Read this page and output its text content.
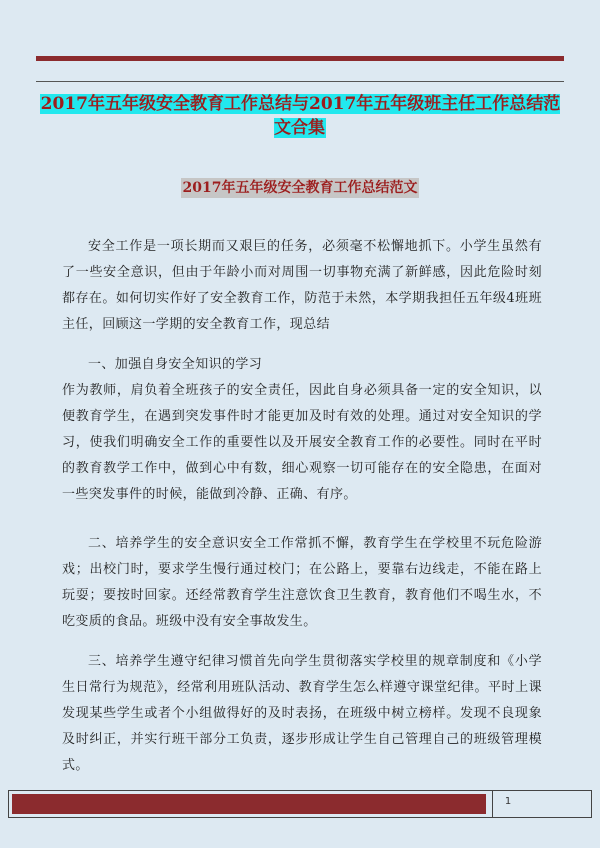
2017年五年级安全教育工作总结与2017年五年级班主任工作总结范文合集
2017年五年级安全教育工作总结范文
安全工作是一项长期而又艰巨的任务，必须毫不松懈地抓下。小学生虽然有了一些安全意识，但由于年龄小而对周围一切事物充满了新鲜感，因此危险时刻都存在。如何切实作好了安全教育工作，防范于未然，本学期我担任五年级4班班主任，回顾这一学期的安全教育工作，现总结
一、加强自身安全知识的学习
作为教师，肩负着全班孩子的安全责任，因此自身必须具备一定的安全知识，以便教育学生，在遇到突发事件时才能更加及时有效的处理。通过对安全知识的学习，使我们明确安全工作的重要性以及开展安全教育工作的必要性。同时在平时的教育教学工作中，做到心中有数，细心观察一切可能存在的安全隐患，在面对一些突发事件的时候，能做到冷静、正确、有序。
二、培养学生的安全意识安全工作常抓不懈，教育学生在学校里不玩危险游戏；出校门时，要求学生慢行通过校门；在公路上，要靠右边线走，不能在路上玩耍；要按时回家。还经常教育学生注意饮食卫生教育，教育他们不喝生水，不吃变质的食品。班级中没有安全事故发生。
三、培养学生遵守纪律习惯首先向学生贯彻落实学校里的规章制度和《小学生日常行为规范》，经常利用班队活动、教育学生怎么样遵守课堂纪律。平时上课发现某些学生或者个小组做得好的及时表扬，在班级中树立榜样。发现不良现象及时纠正，并实行班干部分工负责，逐步形成让学生自己管理自己的班级管理模式。
1
